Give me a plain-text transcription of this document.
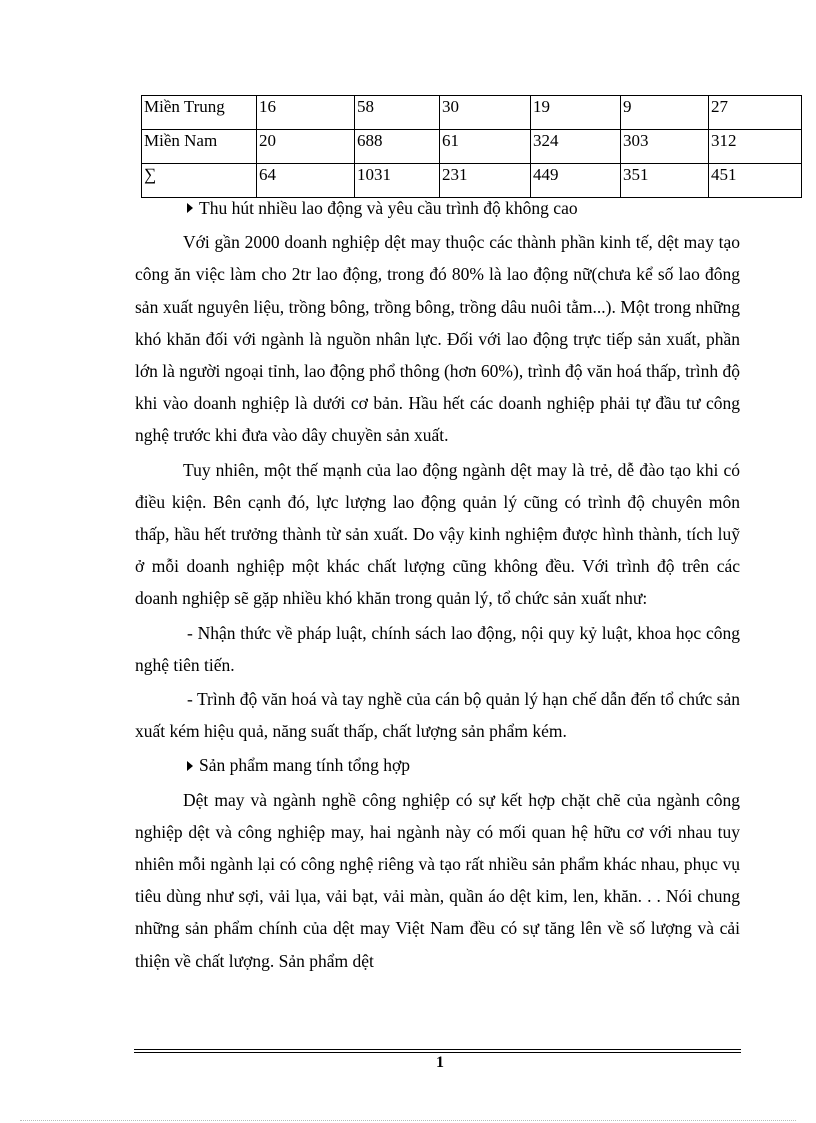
Miền Trung	16	58	30	19	9	27
Miền Nam	20	688	61	324	303	312
∑	64	1031	231	449	351	451

Thu hút nhiều lao động và yêu cầu trình độ không cao

Với gần 2000 doanh nghiệp dệt may thuộc các thành phần kinh tế, dệt may tạo công ăn việc làm cho 2tr lao động, trong đó 80% là lao động nữ(chưa kể số lao đông sản xuất nguyên liệu, trồng bông, trồng bông, trồng dâu nuôi tằm...). Một trong những khó khăn đối với ngành là nguồn nhân lực. Đối với lao động trực tiếp sản xuất, phần lớn là người ngoại tỉnh, lao động phổ thông (hơn 60%), trình độ văn hoá thấp, trình độ khi vào doanh nghiệp là dưới cơ bản. Hầu hết các doanh nghiệp phải tự đầu tư công nghệ trước khi đưa vào dây chuyền sản xuất.

Tuy nhiên, một thế mạnh của lao động ngành dệt may là trẻ, dễ đào tạo khi có điều kiện. Bên cạnh đó, lực lượng lao động quản lý cũng có trình độ chuyên môn thấp, hầu hết trưởng thành từ sản xuất. Do vậy kinh nghiệm được hình thành, tích luỹ ở mỗi doanh nghiệp một khác chất lượng cũng không đều. Với trình độ trên các doanh nghiệp sẽ gặp nhiều khó khăn trong quản lý, tổ chức sản xuất như:

- Nhận thức về pháp luật, chính sách lao động, nội quy kỷ luật, khoa học công nghệ tiên tiến.

- Trình độ văn hoá và tay nghề của cán bộ quản lý hạn chế dẫn đến tổ chức sản xuất kém hiệu quả, năng suất thấp, chất lượng sản phẩm kém.

Sản phẩm mang tính tổng hợp

Dệt may và ngành nghề công nghiệp có sự kết hợp chặt chẽ của ngành công nghiệp dệt và công nghiệp may, hai ngành này có mối quan hệ hữu cơ với nhau tuy nhiên mỗi ngành lại có công nghệ riêng và tạo rất nhiều sản phẩm khác nhau, phục vụ tiêu dùng như sợi, vải lụa, vải bạt, vải màn, quần áo dệt kim, len, khăn. . . Nói chung những sản phẩm chính của dệt may Việt Nam đều có sự tăng lên về số lượng và cải thiện về chất lượng. Sản phẩm dệt

1
